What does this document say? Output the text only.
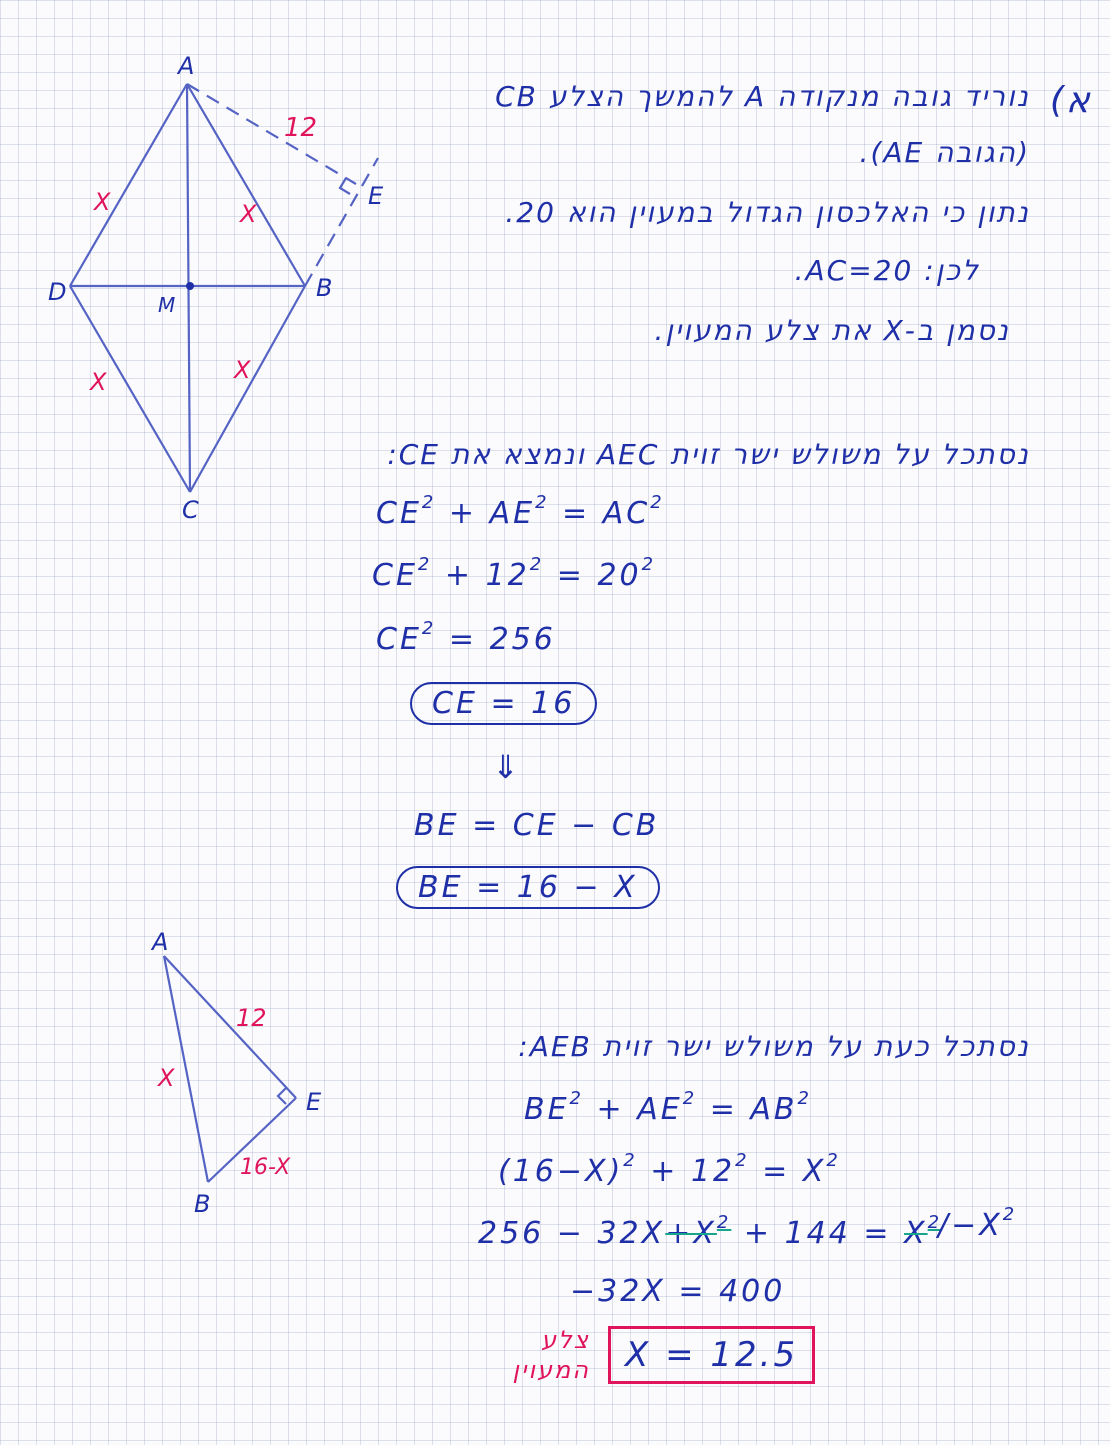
A
B
C
D
E
M
X	X
X	X
12
א)
נוריד גובה מנקודה A להמשך הצלע CB
(הגובה AE).
נתון כי האלכסון הגדול במעוין הוא 20.
לכן: AC=20.
נסמן ב-X את צלע המעוין.
נסתכל על משולש ישר זוית AEC ונמצא את CE:
$CE^2 + AE^2 = AC^2$
$CE^2 + 12^2 = 20^2$
$CE^2 = 256$
CE = 16
⇓
BE = CE − CB
BE = 16 − X
A
B
E
X
12
16-X
נסתכל כעת על משולש ישר זוית AEB:
$BE^2 + AE^2 = AB^2$
$(16-X)^2 + 12^2 = X^2$
$256 - 32X+X^2 + 144 = X^2$
$/-X^2$
−32X = 400
צלע
המעוין	X = 12.5
